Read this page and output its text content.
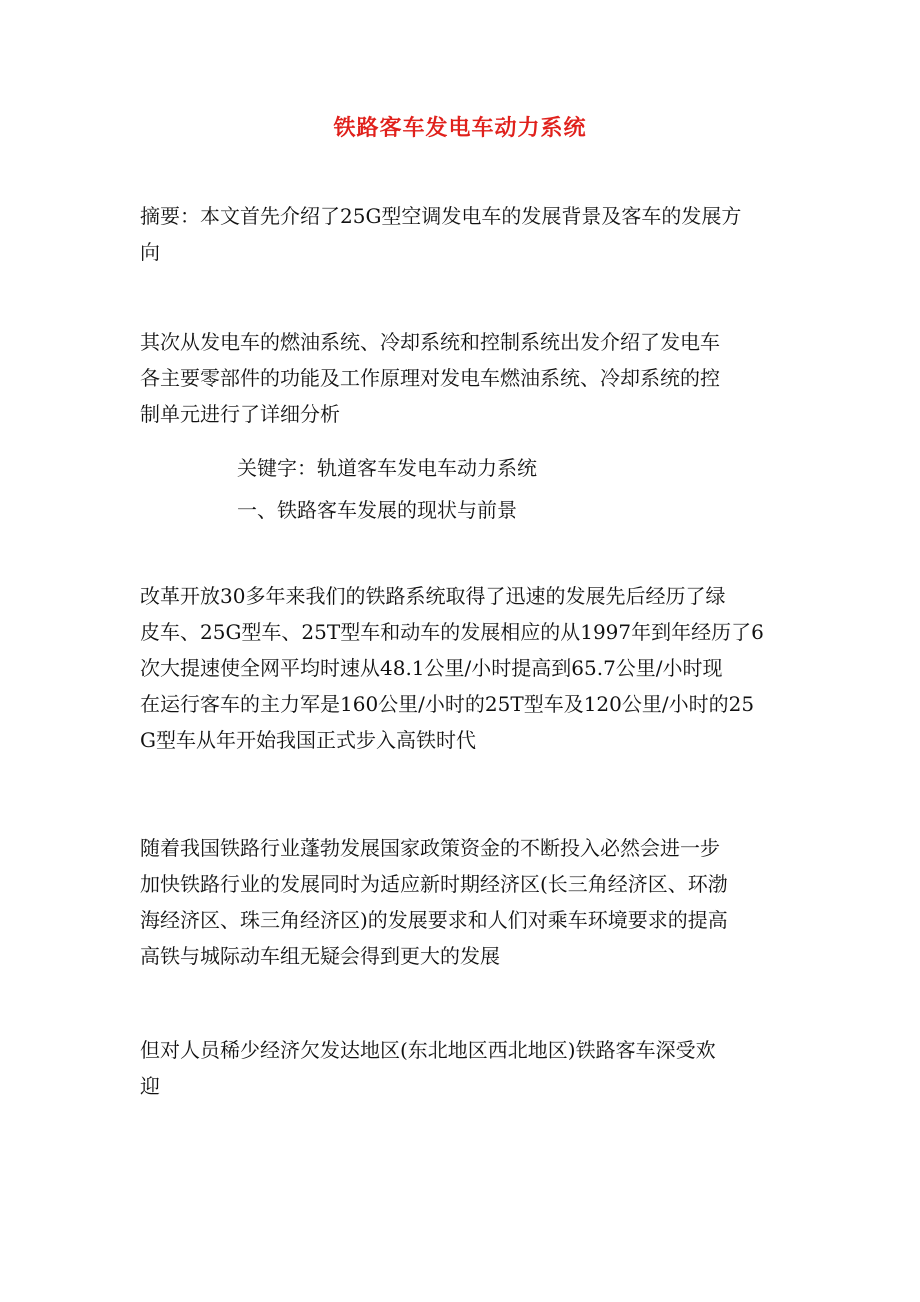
铁路客车发电车动力系统
摘要：本文首先介绍了25G型空调发电车的发展背景及客车的发展方
向
其次从发电车的燃油系统、冷却系统和控制系统出发介绍了发电车
各主要零部件的功能及工作原理对发电车燃油系统、冷却系统的控
制单元进行了详细分析
关键字：轨道客车发电车动力系统
一、铁路客车发展的现状与前景
改革开放30多年来我们的铁路系统取得了迅速的发展先后经历了绿
皮车、25G型车、25T型车和动车的发展相应的从1997年到年经历了6
次大提速使全网平均时速从48.1公里/小时提高到65.7公里/小时现
在运行客车的主力军是160公里/小时的25T型车及120公里/小时的25
G型车从年开始我国正式步入高铁时代
随着我国铁路行业蓬勃发展国家政策资金的不断投入必然会进一步
加快铁路行业的发展同时为适应新时期经济区(长三角经济区、环渤
海经济区、珠三角经济区)的发展要求和人们对乘车环境要求的提高
高铁与城际动车组无疑会得到更大的发展
但对人员稀少经济欠发达地区(东北地区西北地区)铁路客车深受欢
迎
